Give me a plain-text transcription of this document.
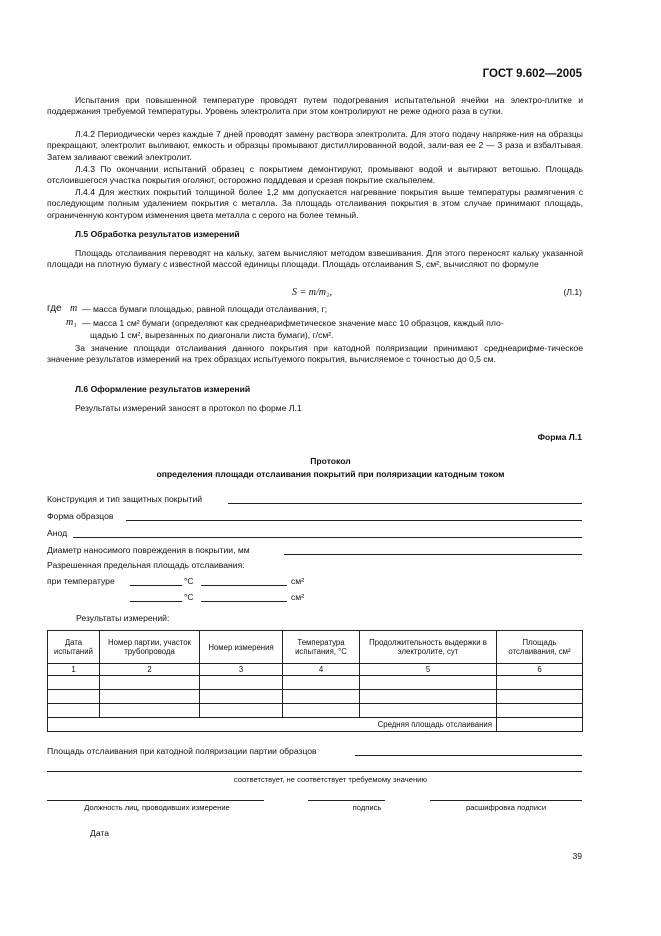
ГОСТ 9.602—2005
Испытания при повышенной температуре проводят путем подогревания испытательной ячейки на электро-плитке и поддержания требуемой температуры. Уровень электролита при этом контролируют не реже одного раза в сутки.
Л.4.2 Периодически через каждые 7 дней проводят замену раствора электролита. Для этого подачу напряже-ния на образцы прекращают, электролит выливают, емкость и образцы промывают дистиллированной водой, зали-вая ее 2 — 3 раза и взбалтывая. Затем заливают свежий электролит.
Л.4.3 По окончании испытаний образец с покрытием демонтируют, промывают водой и вытирают ветошью. Площадь отслоившегося участка покрытия оголяют, осторожно подддевая и срезая покрытие скальпелем.
Л.4.4 Для жестких покрытий толщиной более 1,2 мм допускается нагревание покрытия выше температуры размягчения с последующим полным удалением покрытия с металла. За площадь отслаивания покрытия в этом случае принимают площадь, ограниченную контуром изменения цвета металла с серого на более темный.
Л.5 Обработка результатов измерений
Площадь отслаивания переводят на кальку, затем вычисляют методом взвешивания. Для этого переносят кальку указанной площади на плотную бумагу с известной массой единицы площади. Площадь отслаивания S, см², вычисляют по формуле
S = m/m₁,	(Л.1)
где m — масса бумаги площадью, равной площади отслаивания, г;
m₁ — масса 1 см² бумаги (определяют как среднеарифметическое значение масс 10 образцов, каждый пло-
щадью 1 см², вырезанных по диагонали листа бумаги), г/см².
За значение площади отслаивания данного покрытия при катодной поляризации принимают среднеарифме-тическое значение результатов измерений на трех образцах испытуемого покрытия, вычисляемое с точностью до 0,5 см.
Л.6 Оформление результатов измерений
Результаты измерений заносят в протокол по форме Л.1
Форма Л.1
Протокол
определения площади отслаивания покрытий при поляризации катодным током
Конструкция и тип защитных покрытий
Форма образцов
Анод
Диаметр наносимого повреждения в покрытии, мм
Разрешенная предельная площадь отслаивания:
при температуре	°С	см²
°С	см²
Результаты измерений:
Дата испытаний	Номер партии, участок трубопровода	Номер измерения	Температура испытания, °С	Продолжительность выдержки в электролите, сут	Площадь отслаивания, см²
1	2	3	4	5	6

Средняя площадь отслаивания					
Площадь отслаивания при катодной поляризации партии образцов
соответствует, не соответствует требуемому значению
Должность лиц, проводивших измерение	подпись	расшифровка подписи
Дата
39
